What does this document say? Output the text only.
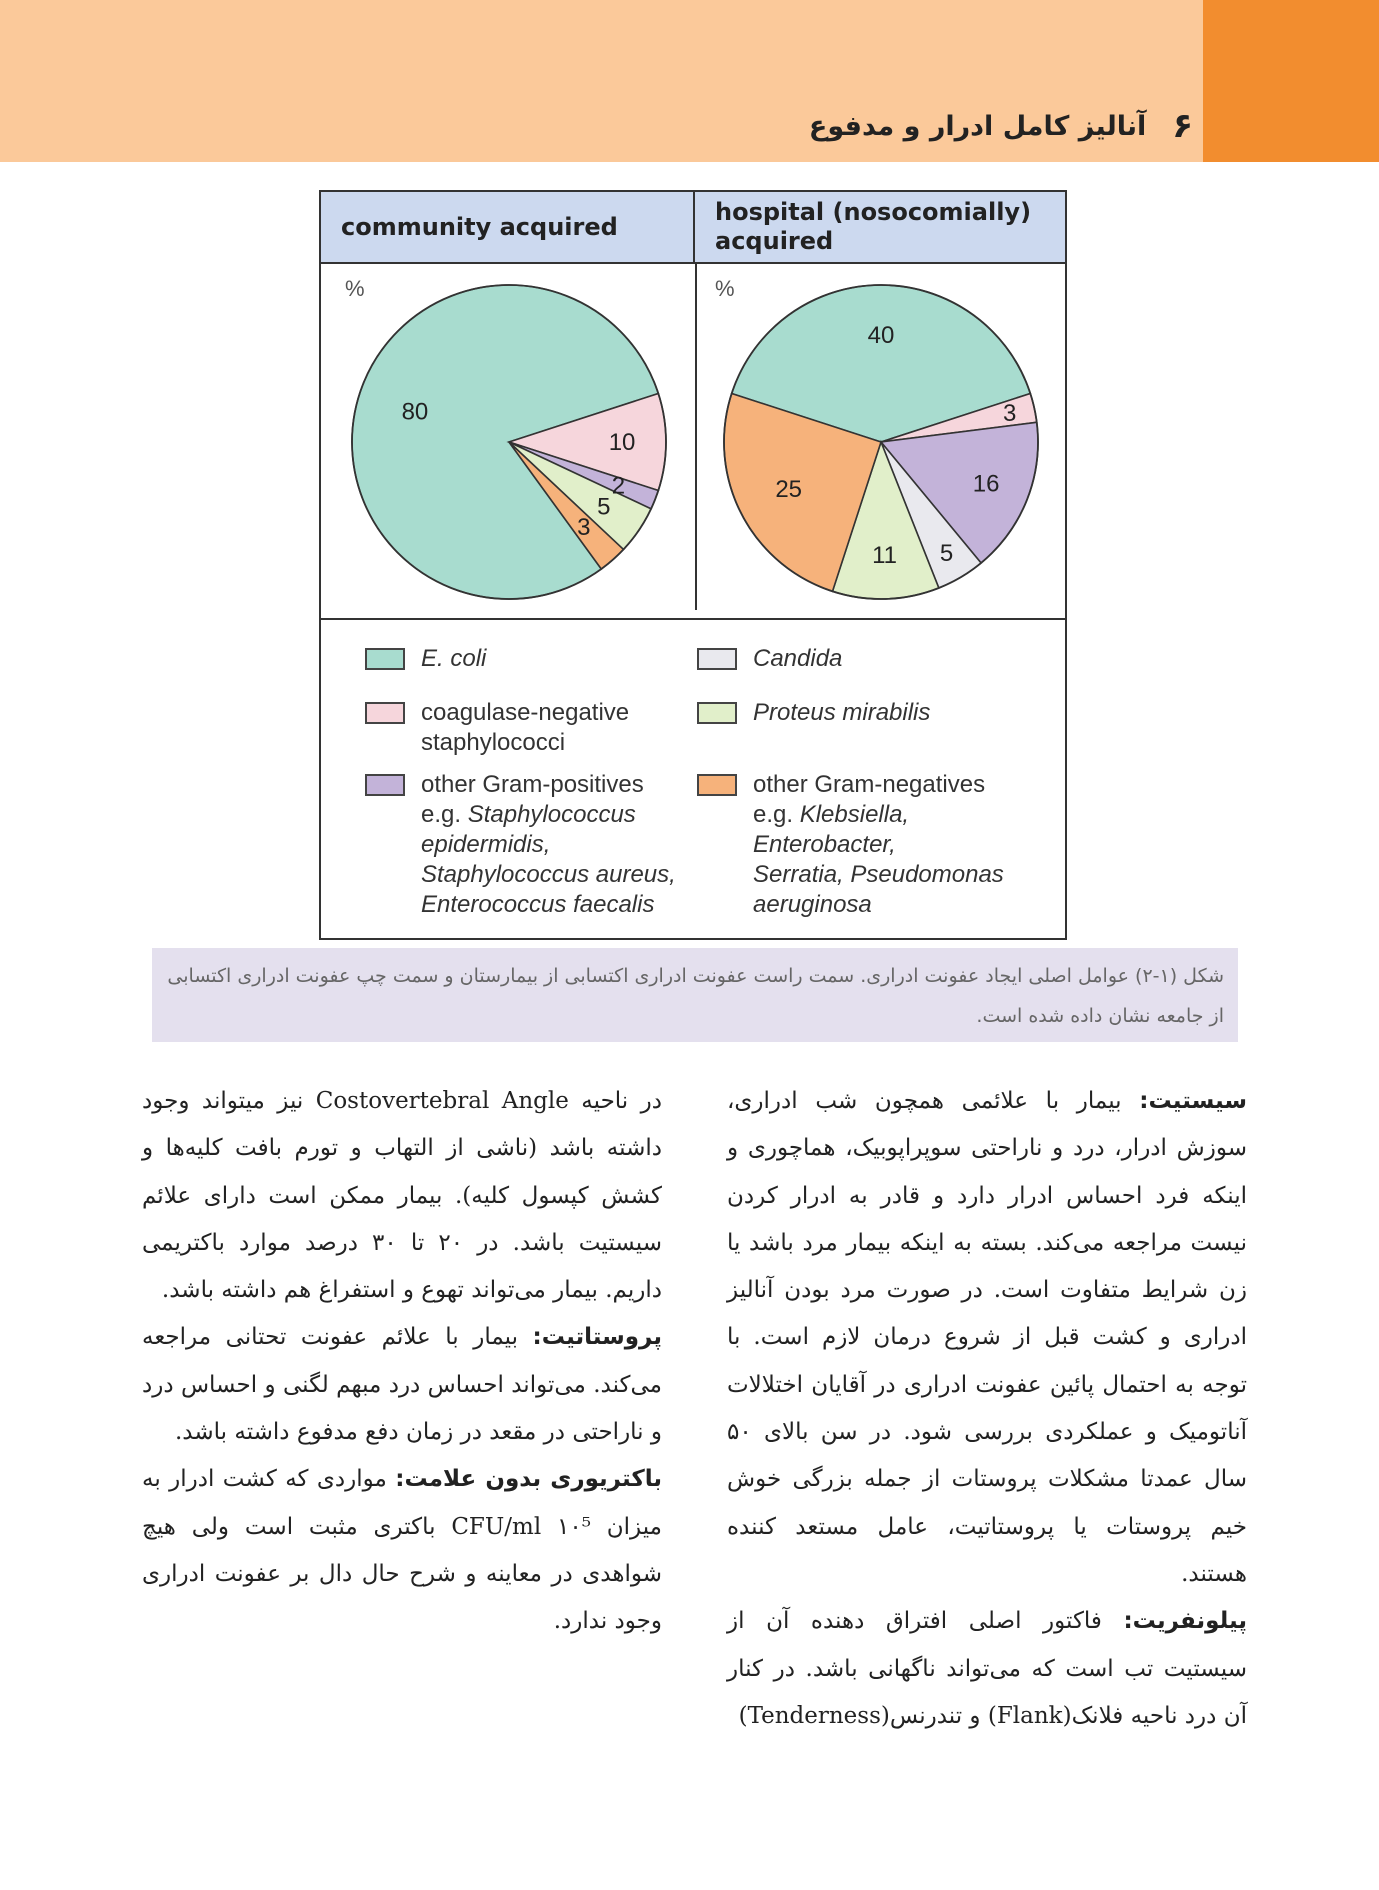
۶
آنالیز کامل ادرار و مدفوع
community acquired
hospital (nosocomially)
acquired
%
80
10
2
5
3
%
40
3
16
5
11
25
E. coli
coagulase-negative
staphylococci
other Gram-positives
e.g. Staphylococcus
epidermidis,
Staphylococcus aureus,
Enterococcus faecalis
Candida
Proteus mirabilis
other Gram-negatives
e.g. Klebsiella,
Enterobacter,
Serratia, Pseudomonas
aeruginosa
شکل (۱-۲) عوامل اصلی ایجاد عفونت ادراری. سمت راست عفونت ادراری اکتسابی از بیمارستان و سمت چپ عفونت ادراری اکتسابی از جامعه نشان داده شده است.

سیستیت: بیمار با علائمی همچون شب ادراری، سوزش ادرار، درد و ناراحتی سوپراپوبیک، هماچوری و اینکه فرد احساس ادرار دارد و قادر به ادرار کردن نیست مراجعه می‌کند. بسته به اینکه بیمار مرد باشد یا زن شرایط متفاوت است. در صورت مرد بودن آنالیز ادراری و کشت قبل از شروع درمان لازم است. با توجه به احتمال پائین عفونت ادراری در آقایان اختلالات آناتومیک و عملکردی بررسی شود. در سن بالای ۵۰ سال عمدتا مشکلات پروستات از جمله بزرگی خوش خیم پروستات یا پروستاتیت، عامل مستعد کننده هستند.

پیلونفریت: فاکتور اصلی افتراق دهنده آن از سیستیت تب است که می‌تواند ناگهانی باشد. در کنار آن درد ناحیه فلانک(Flank) و تندرنس(Tenderness)

در ناحیه Costovertebral Angle نیز میتواند وجود داشته باشد (ناشی از التهاب و تورم بافت کلیه‌ها و کشش کپسول کلیه). بیمار ممکن است دارای علائم سیستیت باشد. در ۲۰ تا ۳۰ درصد موارد باکتریمی داریم. بیمار می‌تواند تهوع و استفراغ هم داشته باشد.

پروستاتیت: بیمار با علائم عفونت تحتانی مراجعه می‌کند. می‌تواند احساس درد مبهم لگنی و احساس درد و ناراحتی در مقعد در زمان دفع مدفوع داشته باشد.

باکتریوری بدون علامت: مواردی که کشت ادرار به میزان ۱۰⁵ CFU/ml باکتری مثبت است ولی هیچ شواهدی در معاینه و شرح حال دال بر عفونت ادراری وجود ندارد.
